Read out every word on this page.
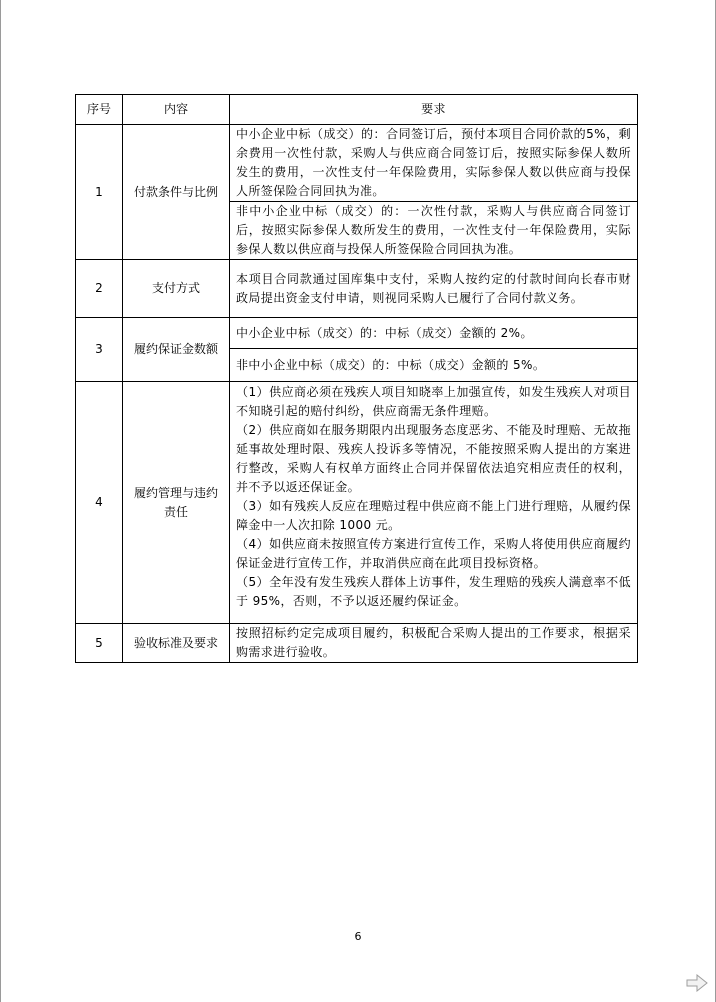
序号	内容	要求
1	付款条件与比例	中小企业中标（成交）的：合同签订后，预付本项目合同价款的5%，剩余费用一次性付款，采购人与供应商合同签订后，按照实际参保人数所发生的费用，一次性支付一年保险费用，实际参保人数以供应商与投保人所签保险合同回执为准。
		非中小企业中标（成交）的：一次性付款，采购人与供应商合同签订后，按照实际参保人数所发生的费用，一次性支付一年保险费用，实际参保人数以供应商与投保人所签保险合同回执为准。
2	支付方式	本项目合同款通过国库集中支付，采购人按约定的付款时间向长春市财政局提出资金支付申请，则视同采购人已履行了合同付款义务。
3	履约保证金数额	中小企业中标（成交）的：中标（成交）金额的 2%。
		非中小企业中标（成交）的：中标（成交）金额的 5%。
4	履约管理与违约责任	（1）供应商必须在残疾人项目知晓率上加强宣传，如发生残疾人对项目不知晓引起的赔付纠纷，供应商需无条件理赔。
（2）供应商如在服务期限内出现服务态度恶劣、不能及时理赔、无故拖延事故处理时限、残疾人投诉多等情况，不能按照采购人提出的方案进行整改，采购人有权单方面终止合同并保留依法追究相应责任的权利，并不予以返还保证金。
（3）如有残疾人反应在理赔过程中供应商不能上门进行理赔，从履约保障金中一人次扣除 1000 元。
（4）如供应商未按照宣传方案进行宣传工作，采购人将使用供应商履约保证金进行宣传工作，并取消供应商在此项目投标资格。
（5）全年没有发生残疾人群体上访事件，发生理赔的残疾人满意率不低于 95%，否则，不予以返还履约保证金。

5	验收标准及要求	按照招标约定完成项目履约，积极配合采购人提出的工作要求，根据采购需求进行验收。
6
